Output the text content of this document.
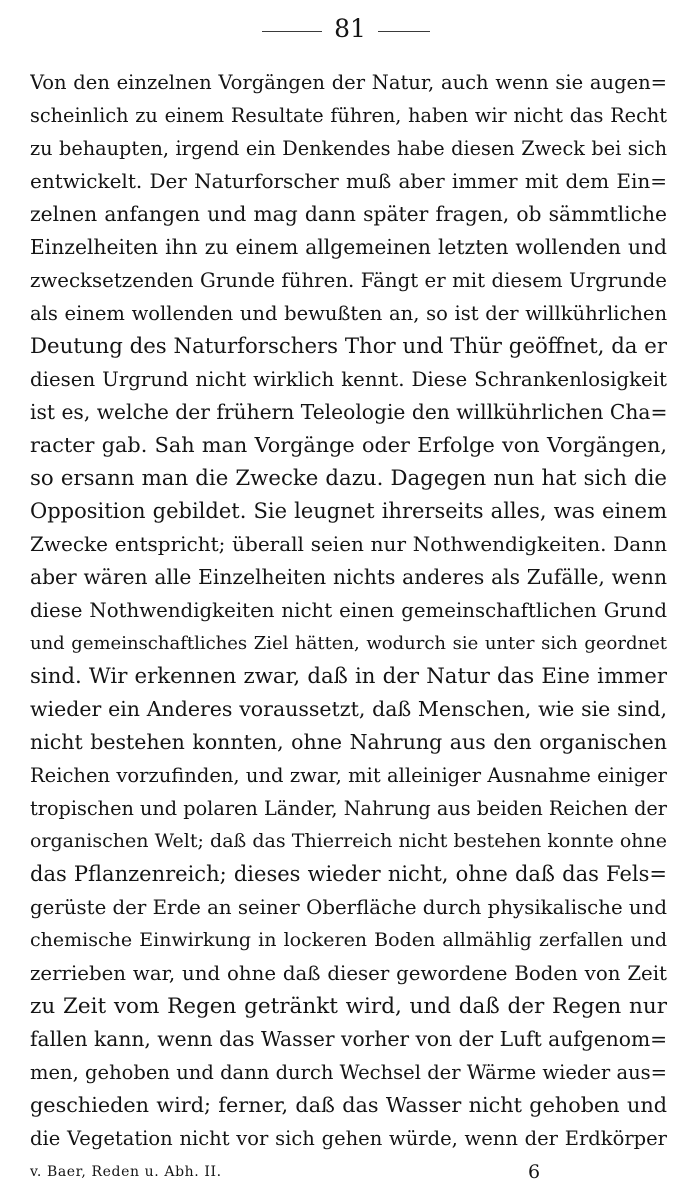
81
Von den einzelnen Vorgängen der Natur, auch wenn sie augen=
scheinlich zu einem Resultate führen, haben wir nicht das Recht
zu behaupten, irgend ein Denkendes habe diesen Zweck bei sich
entwickelt. Der Naturforscher muß aber immer mit dem Ein=
zelnen anfangen und mag dann später fragen, ob sämmtliche
Einzelheiten ihn zu einem allgemeinen letzten wollenden und
zwecksetzenden Grunde führen. Fängt er mit diesem Urgrunde
als einem wollenden und bewußten an, so ist der willkührlichen
Deutung des Naturforschers Thor und Thür geöffnet, da er
diesen Urgrund nicht wirklich kennt. Diese Schrankenlosigkeit
ist es, welche der frühern Teleologie den willkührlichen Cha=
racter gab. Sah man Vorgänge oder Erfolge von Vorgängen,
so ersann man die Zwecke dazu. Dagegen nun hat sich die
Opposition gebildet. Sie leugnet ihrerseits alles, was einem
Zwecke entspricht; überall seien nur Nothwendigkeiten. Dann
aber wären alle Einzelheiten nichts anderes als Zufälle, wenn
diese Nothwendigkeiten nicht einen gemeinschaftlichen Grund
und gemeinschaftliches Ziel hätten, wodurch sie unter sich geordnet
sind. Wir erkennen zwar, daß in der Natur das Eine immer
wieder ein Anderes voraussetzt, daß Menschen, wie sie sind,
nicht bestehen konnten, ohne Nahrung aus den organischen
Reichen vorzufinden, und zwar, mit alleiniger Ausnahme einiger
tropischen und polaren Länder, Nahrung aus beiden Reichen der
organischen Welt; daß das Thierreich nicht bestehen konnte ohne
das Pflanzenreich; dieses wieder nicht, ohne daß das Fels=
gerüste der Erde an seiner Oberfläche durch physikalische und
chemische Einwirkung in lockeren Boden allmählig zerfallen und
zerrieben war, und ohne daß dieser gewordene Boden von Zeit
zu Zeit vom Regen getränkt wird, und daß der Regen nur
fallen kann, wenn das Wasser vorher von der Luft aufgenom=
men, gehoben und dann durch Wechsel der Wärme wieder aus=
geschieden wird; ferner, daß das Wasser nicht gehoben und
die Vegetation nicht vor sich gehen würde, wenn der Erdkörper
v. Baer, Reden u. Abh. II.	6
